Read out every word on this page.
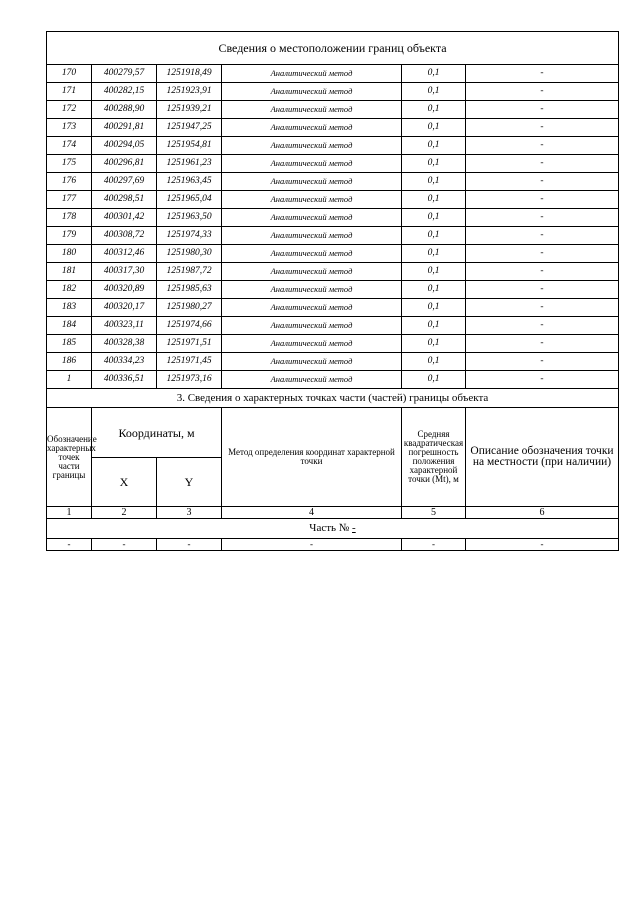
Сведения о местоположении границ объекта					
170	400279,57	1251918,49	Аналитический метод	0,1	-
171	400282,15	1251923,91	Аналитический метод	0,1	-
172	400288,90	1251939,21	Аналитический метод	0,1	-
173	400291,81	1251947,25	Аналитический метод	0,1	-
174	400294,05	1251954,81	Аналитический метод	0,1	-
175	400296,81	1251961,23	Аналитический метод	0,1	-
176	400297,69	1251963,45	Аналитический метод	0,1	-
177	400298,51	1251965,04	Аналитический метод	0,1	-
178	400301,42	1251963,50	Аналитический метод	0,1	-
179	400308,72	1251974,33	Аналитический метод	0,1	-
180	400312,46	1251980,30	Аналитический метод	0,1	-
181	400317,30	1251987,72	Аналитический метод	0,1	-
182	400320,89	1251985,63	Аналитический метод	0,1	-
183	400320,17	1251980,27	Аналитический метод	0,1	-
184	400323,11	1251974,66	Аналитический метод	0,1	-
185	400328,38	1251971,51	Аналитический метод	0,1	-
186	400334,23	1251971,45	Аналитический метод	0,1	-
1	400336,51	1251973,16	Аналитический метод	0,1	-
3. Сведения о характерных точках части (частей) границы объекта					
Обозначение характерных точек части границы	Координаты, м		Метод определения координат характерной точки	Средняя квадратическая погрешность положения характерной точки (Mt), м	Описание обозначения точки на местности (при наличии)
	X	Y			
1	2	3	4	5	6
Часть № -					
-	-	-	-	-	-
